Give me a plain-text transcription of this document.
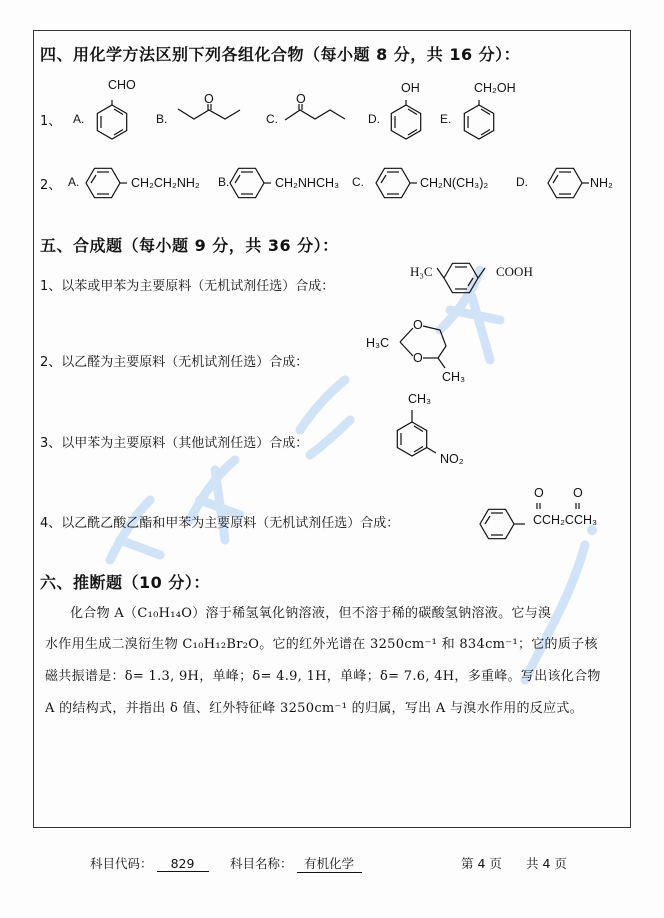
四、用化学方法区别下列各组化合物（每小题 8 分，共 16 分）：
1、 A.
CHO
B.
O
C.
O
D.
OH
E.
CH₂OH
2、 A.	CH₂CH₂NH₂ B.	CH₂NHCH₃ C.	CH₂N(CH₃)₂ D.	NH₂
五、合成题（每小题 9 分，共 36 分）：
1、以苯或甲苯为主要原料（无机试剂任选）合成：
H₃C	COOH
2、以乙醛为主要原料（无机试剂任选）合成：
H₃C
O
O
CH₃
3、以甲苯为主要原料（其他试剂任选）合成：
CH₃
NO₂
4、以乙酰乙酸乙酯和甲苯为主要原料（无机试剂任选）合成：
O O
CCH₂CCH₃
六、推断题（10 分）：
化合物 A（C₁₀H₁₄O）溶于稀氢氧化钠溶液，但不溶于稀的碳酸氢钠溶液。它与溴
水作用生成二溴衍生物 C₁₀H₁₂Br₂O。它的红外光谱在 3250cm⁻¹ 和 834cm⁻¹；它的质子核
磁共振谱是：δ= 1.3, 9H，单峰；δ= 4.9, 1H，单峰；δ= 7.6, 4H，多重峰。写出该化合物
A 的结构式，并指出 δ 值、红外特征峰 3250cm⁻¹ 的归属，写出 A 与溴水作用的反应式。
科目代码： 829	科目名称： 有机化学	第 4 页 共 4 页
